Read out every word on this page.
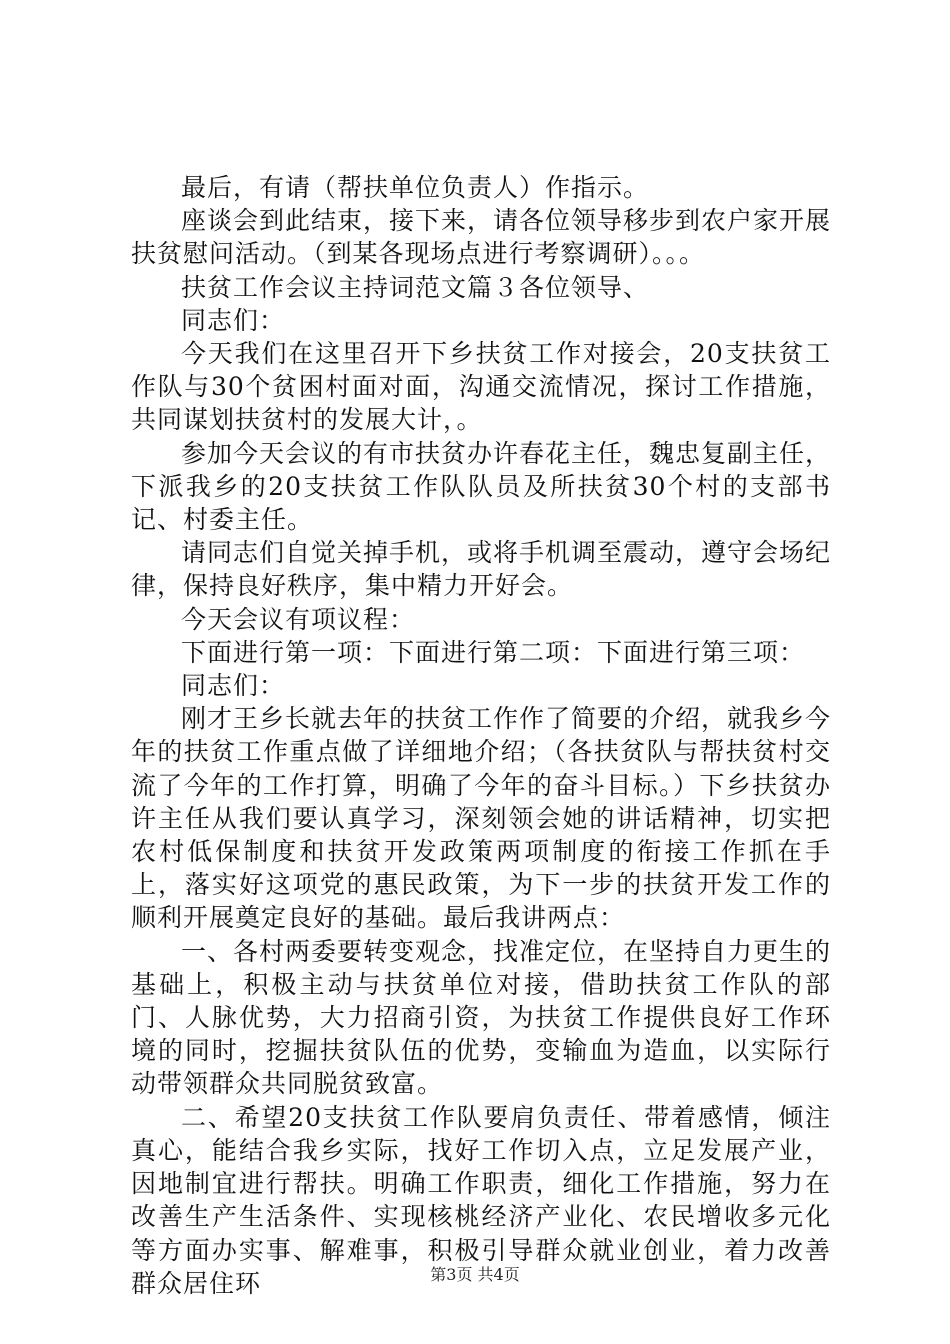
最后，有请（帮扶单位负责人）作指示。

座谈会到此结束，接下来，请各位领导移步到农户家开展扶贫慰问活动。（到某各现场点进行考察调研）。。。

扶贫工作会议主持词范文篇３各位领导、

同志们：

今天我们在这里召开下乡扶贫工作对接会，20支扶贫工作队与30个贫困村面对面，沟通交流情况，探讨工作措施，共同谋划扶贫村的发展大计，。

参加今天会议的有市扶贫办许春花主任，魏忠复副主任，下派我乡的20支扶贫工作队队员及所扶贫30个村的支部书记、村委主任。

请同志们自觉关掉手机，或将手机调至震动，遵守会场纪律，保持良好秩序，集中精力开好会。

今天会议有项议程：

下面进行第一项：下面进行第二项：下面进行第三项：

同志们：

刚才王乡长就去年的扶贫工作作了简要的介绍，就我乡今年的扶贫工作重点做了详细地介绍；（各扶贫队与帮扶贫村交流了今年的工作打算，明确了今年的奋斗目标。）下乡扶贫办许主任从我们要认真学习，深刻领会她的讲话精神，切实把农村低保制度和扶贫开发政策两项制度的衔接工作抓在手上，落实好这项党的惠民政策，为下一步的扶贫开发工作的顺利开展奠定良好的基础。最后我讲两点：

一、各村两委要转变观念，找准定位，在坚持自力更生的基础上，积极主动与扶贫单位对接，借助扶贫工作队的部门、人脉优势，大力招商引资，为扶贫工作提供良好工作环境的同时，挖掘扶贫队伍的优势，变输血为造血，以实际行动带领群众共同脱贫致富。

二、希望20支扶贫工作队要肩负责任、带着感情，倾注真心，能结合我乡实际，找好工作切入点，立足发展产业，因地制宜进行帮扶。明确工作职责，细化工作措施，努力在改善生产生活条件、实现核桃经济产业化、农民增收多元化等方面办实事、解难事，积极引导群众就业创业，着力改善群众居住环	第3页 共4页
